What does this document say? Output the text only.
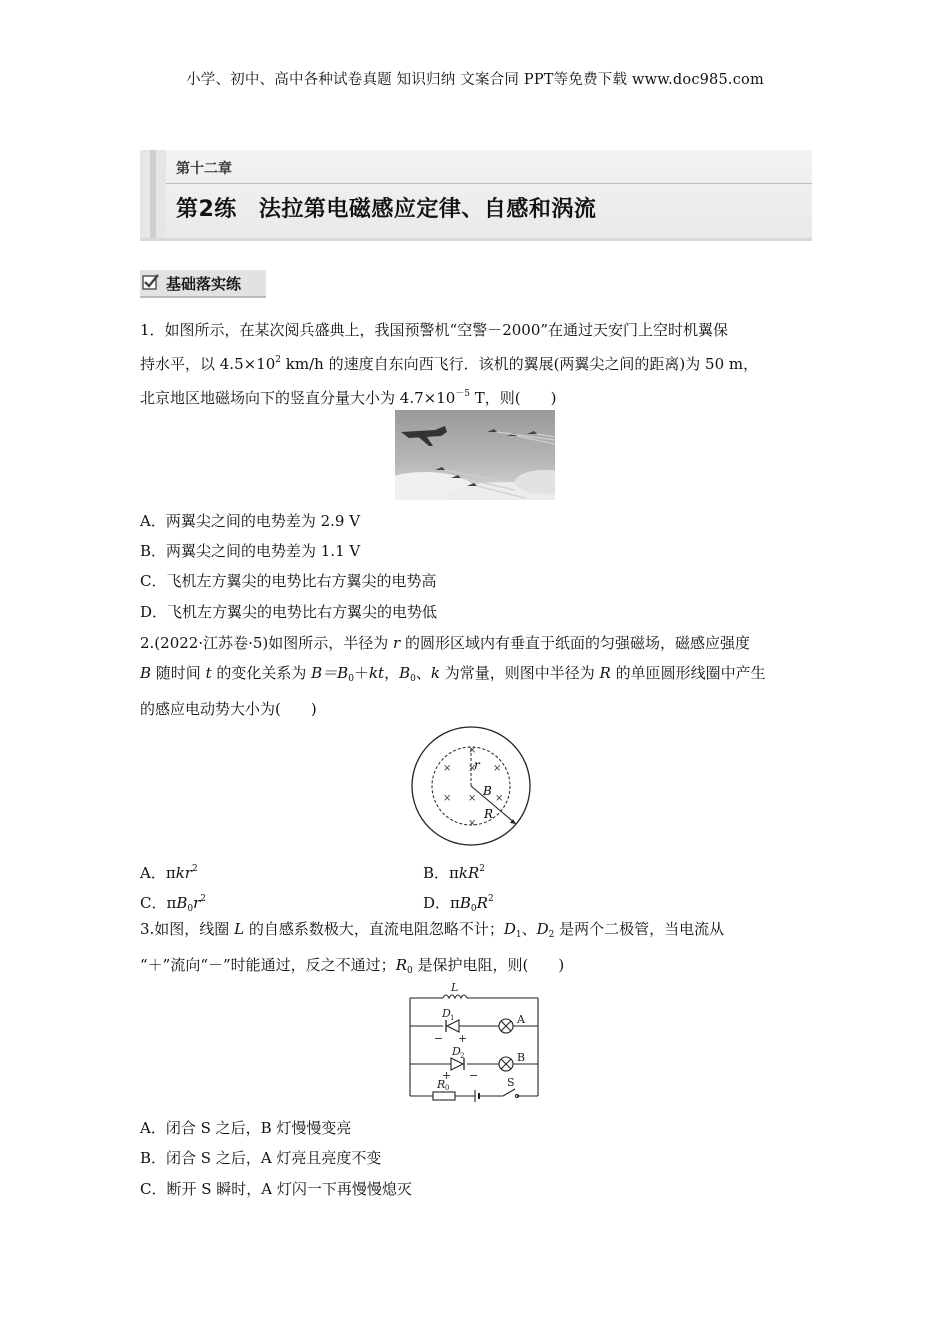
小学、初中、高中各种试卷真题 知识归纳 文案合同 PPT等免费下载 www.doc985.com
第十二章
第2练 法拉第电磁感应定律、自感和涡流
基础落实练
1．如图所示，在某次阅兵盛典上，我国预警机“空警－2000”在通过天安门上空时机翼保
持水平，以 $4.5\times 10^2$ km/h 的速度自东向西飞行．该机的翼展(两翼尖之间的距离)为 50 m，
北京地区地磁场向下的竖直分量大小为 $4.7\times 10^{-5}$ T，则(　　)
A．两翼尖之间的电势差为 2.9 V
B．两翼尖之间的电势差为 1.1 V
C．飞机左方翼尖的电势比右方翼尖的电势高
D．飞机左方翼尖的电势比右方翼尖的电势低
2.(2022·江苏卷·5)如图所示，半径为 r 的圆形区域内有垂直于纸面的匀强磁场，磁感应强度
B 随时间 t 的变化关系为 $B=B_0+kt$，$B_0$、k 为常量，则图中半径为 R 的单匝圆形线圈中产生
的感应电动势大小为(　　)
×
× × ×
× × ×
×
r
B
R
A．πkr$^2$	B．πkR$^2$
C．$\pi B_0r^2$	D．$\pi B_0R^2$
3.如图，线圈 L 的自感系数极大，直流电阻忽略不计；$D_1$、$D_2$ 是两个二极管，当电流从
“＋”流向“－”时能通过，反之不通过；$R_0$ 是保护电阻，则(　　)
L
D 1
− +
A
D 2
+ −
B
R 0	S
A．闭合 S 之后，B 灯慢慢变亮
B．闭合 S 之后，A 灯亮且亮度不变
C．断开 S 瞬时，A 灯闪一下再慢慢熄灭
